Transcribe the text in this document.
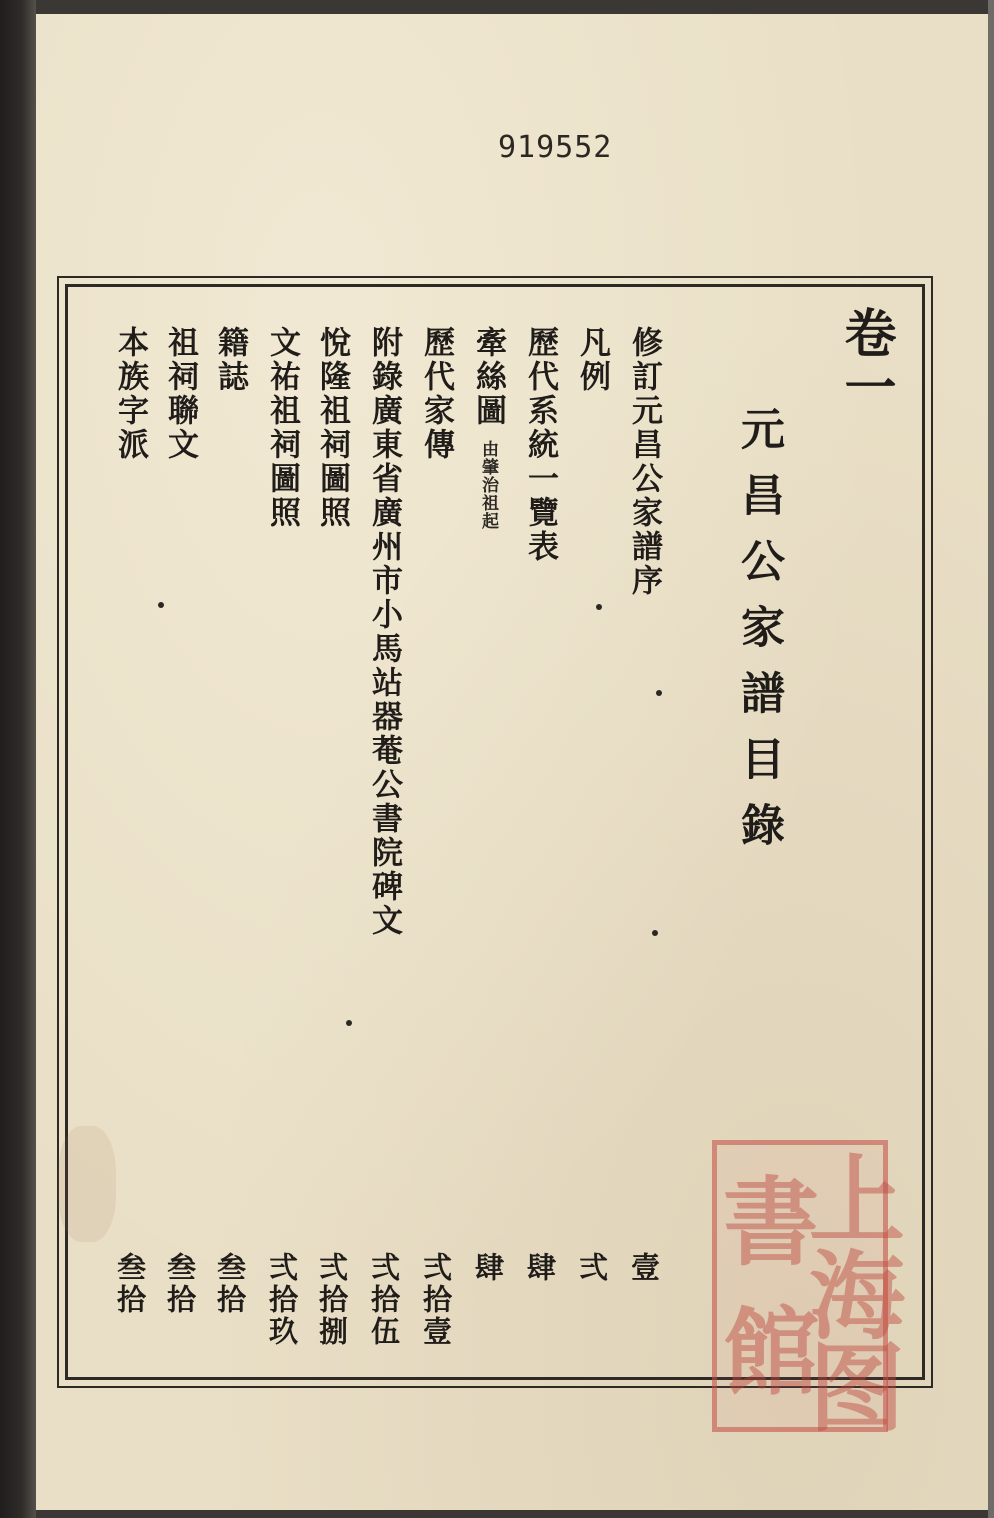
919552

卷一
元昌公家譜目錄
修訂元昌公家譜序
凡例
歷代系統一覽表
牽絲圖
由肇治祖起
歷代家傳
附錄廣東省廣州市小馬站器菴公書院碑文
悅隆祖祠圖照
文祐祖祠圖照
籍誌
祖祠聯文
本族字派
壹
弍
肆
肆
弍拾壹
弍拾伍
弍拾捌
弍拾玖
叁拾
叁拾
叁拾
上
海
图
書
館
